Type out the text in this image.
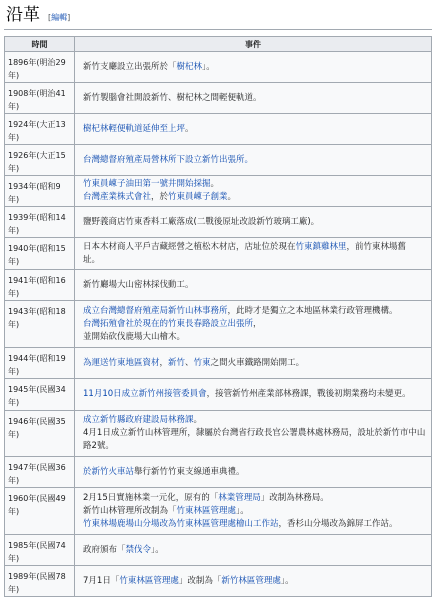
沿革 [編輯]
時間	事件
1896年(明治29年)	新竹支廳設立出張所於「樹杞林」。

1908年(明治41年)	新竹製腦會社開設新竹、樹杞林之間輕便軌道。

1924年(大正13年)	樹杞林輕便軌道延伸至上坪。

1926年(大正15年)	台灣總督府殖產局營林所下設立新竹出張所。

1934年(昭和9年)	竹東員崠子油田第一號井開始採掘。
台灣產業株式會社，於竹東員崠子創業。

1939年(昭和14年)	鹽野義商店竹東香料工廠落成(二戰後原址改設新竹玻璃工廠)。

1940年(昭和15年)	日本木材商人平戶吉藏經營之植松木材店，店址位於現在竹東鎮雞林里，前竹東林場舊
址。

1941年(昭和16年)	新竹廳場大山密林採伐動工。

1943年(昭和18年)	成立台灣總督府殖產局新竹山林事務所，此時才是獨立之本地區林業行政管理機構。
台灣拓殖會社於現在的竹東長春路設立出張所，
並開始砍伐鹿場大山檜木。

1944年(昭和19年)	為運送竹東地區資材，新竹、竹東之間火車鐵路開始開工。

1945年(民國34年)	11月10日成立新竹州接管委員會，接管新竹州產業部林務課，戰後初期業務均未變更。

1946年(民國35年)	成立新竹縣政府建設局林務課。
4月1日成立新竹山林管理所，隸屬於台灣省行政長官公署農林處林務局，設址於新竹市中山路2號。

1947年(民國36年)	於新竹火車站舉行新竹竹東支線通車典禮。

1960年(民國49年)	2月15日實施林業一元化，原有的「林業管理局」改制為林務局。
新竹山林管理所改制為「竹東林區管理處」。
竹東林場鹿場山分場改為竹東林區管理處檜山工作站，香杉山分場改為錦屏工作站。

1985年(民國74年)	政府頒布「禁伐令」。

1989年(民國78年)	7月1日「竹東林區管理處」改制為「新竹林區管理處」。
